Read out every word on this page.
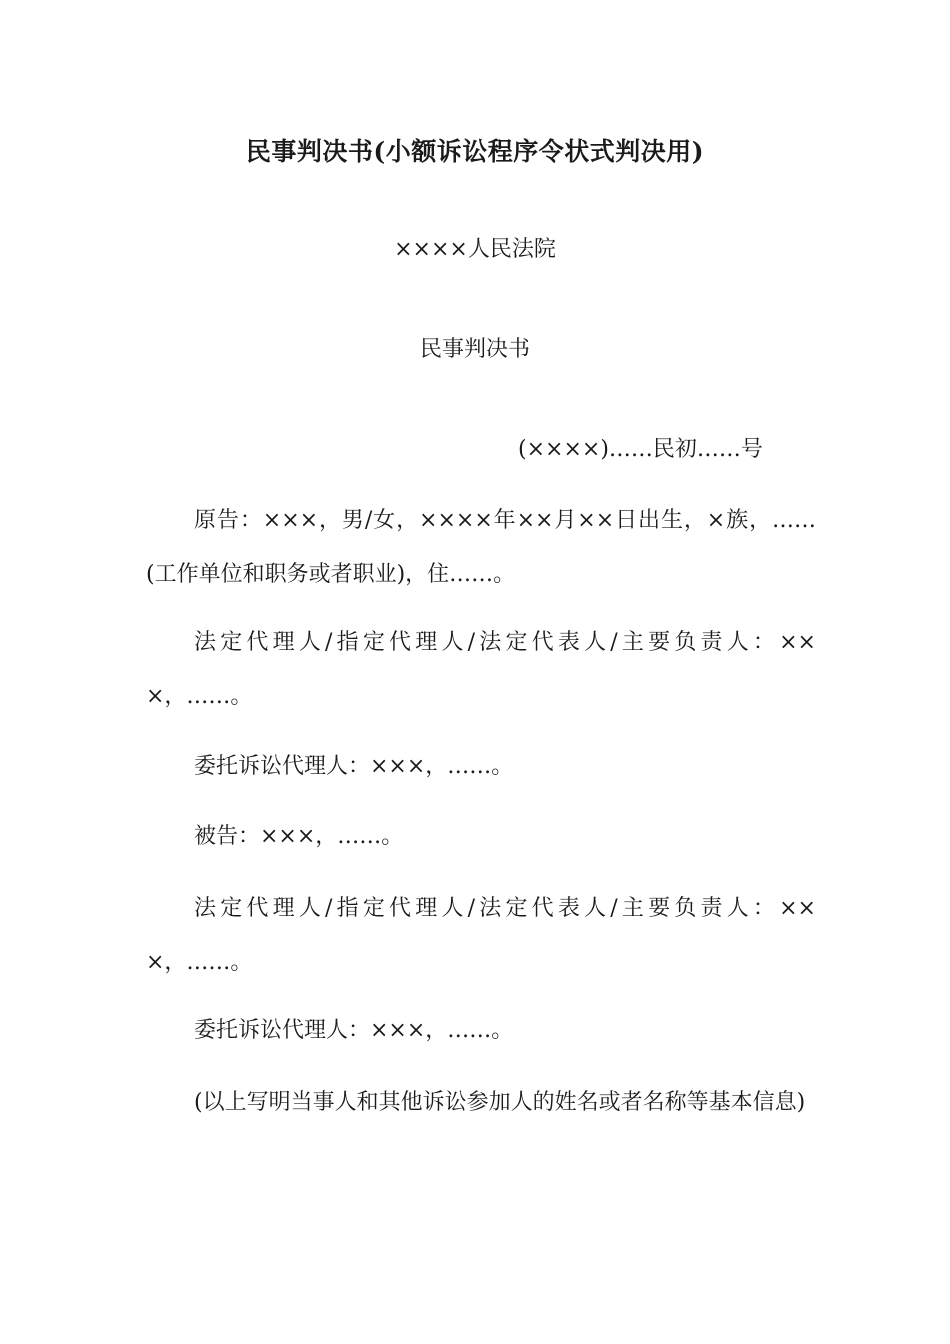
民事判决书(小额诉讼程序令状式判决用)

××××人民法院

民事判决书

(××××)……民初……号

原告：×××，男/女，××××年××月××日出生，×族，……(工作单位和职务或者职业)，住……。

法定代理人/指定代理人/法定代表人/主要负责人：×××，……。

委托诉讼代理人：×××，……。

被告：×××，……。

法定代理人/指定代理人/法定代表人/主要负责人：×××，……。

委托诉讼代理人：×××，……。

(以上写明当事人和其他诉讼参加人的姓名或者名称等基本信息)
